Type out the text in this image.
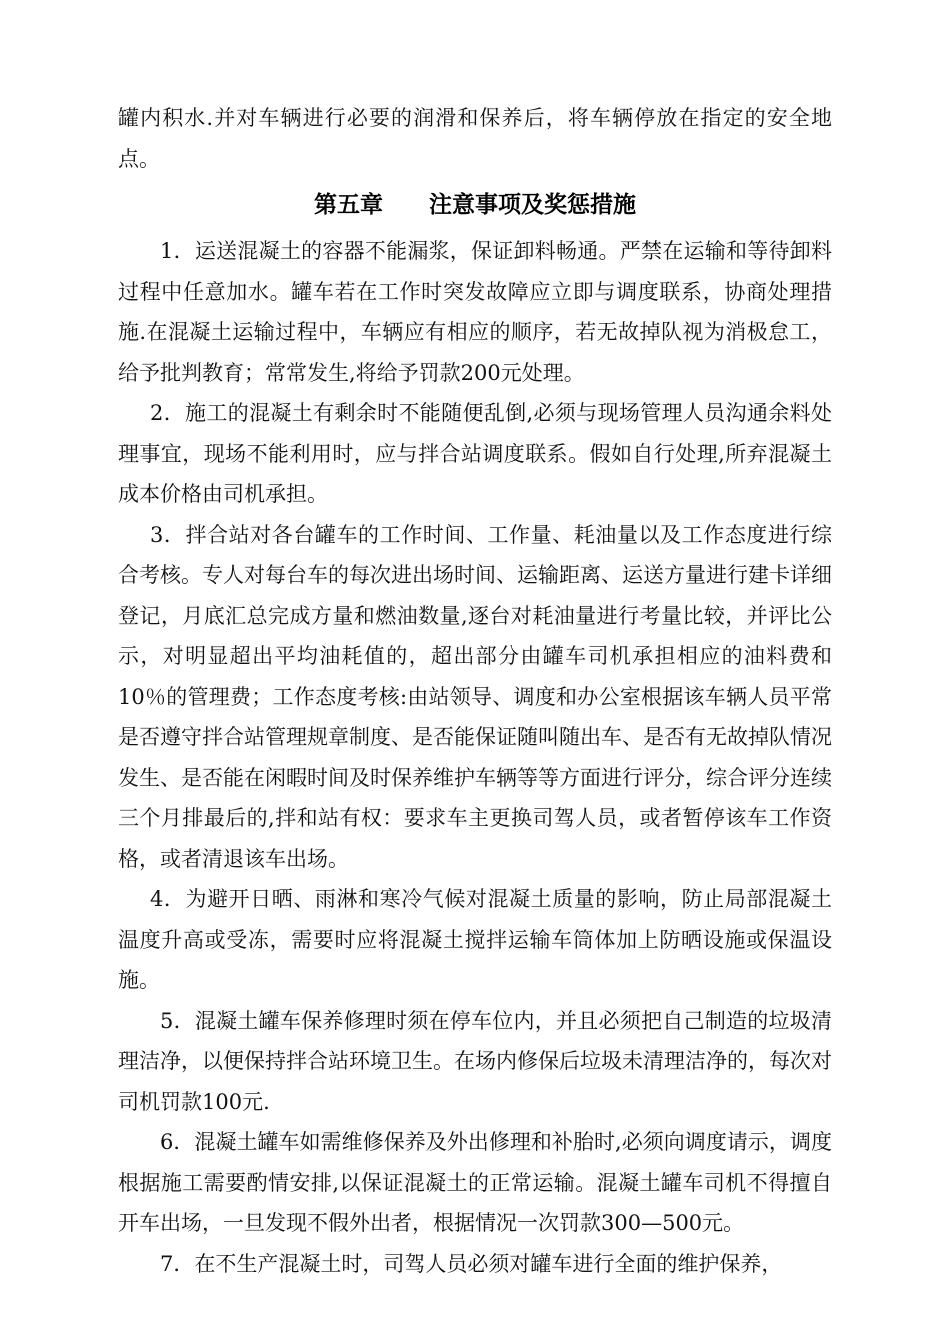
罐内积水.并对车辆进行必要的润滑和保养后，将车辆停放在指定的安全地点。

第五章 注意事项及奖惩措施

1．运送混凝土的容器不能漏浆，保证卸料畅通。严禁在运输和等待卸料过程中任意加水。罐车若在工作时突发故障应立即与调度联系，协商处理措施.在混凝土运输过程中，车辆应有相应的顺序，若无故掉队视为消极怠工，给予批判教育；常常发生,将给予罚款200元处理。

2．施工的混凝土有剩余时不能随便乱倒,必须与现场管理人员沟通余料处理事宜，现场不能利用时，应与拌合站调度联系。假如自行处理,所弃混凝土成本价格由司机承担。

3．拌合站对各台罐车的工作时间、工作量、耗油量以及工作态度进行综合考核。专人对每台车的每次进出场时间、运输距离、运送方量进行建卡详细登记，月底汇总完成方量和燃油数量,逐台对耗油量进行考量比较，并评比公示，对明显超出平均油耗值的，超出部分由罐车司机承担相应的油料费和10％的管理费；工作态度考核:由站领导、调度和办公室根据该车辆人员平常是否遵守拌合站管理规章制度、是否能保证随叫随出车、是否有无故掉队情况发生、是否能在闲暇时间及时保养维护车辆等等方面进行评分，综合评分连续三个月排最后的,拌和站有权：要求车主更换司驾人员，或者暂停该车工作资格，或者清退该车出场。

4．为避开日晒、雨淋和寒冷气候对混凝土质量的影响，防止局部混凝土温度升高或受冻，需要时应将混凝土搅拌运输车筒体加上防晒设施或保温设施。

5．混凝土罐车保养修理时须在停车位内，并且必须把自己制造的垃圾清理洁净，以便保持拌合站环境卫生。在场内修保后垃圾未清理洁净的，每次对司机罚款100元.

6．混凝土罐车如需维修保养及外出修理和补胎时,必须向调度请示，调度根据施工需要酌情安排,以保证混凝土的正常运输。混凝土罐车司机不得擅自开车出场，一旦发现不假外出者，根据情况一次罚款300—500元。

7．在不生产混凝土时，司驾人员必须对罐车进行全面的维护保养，
